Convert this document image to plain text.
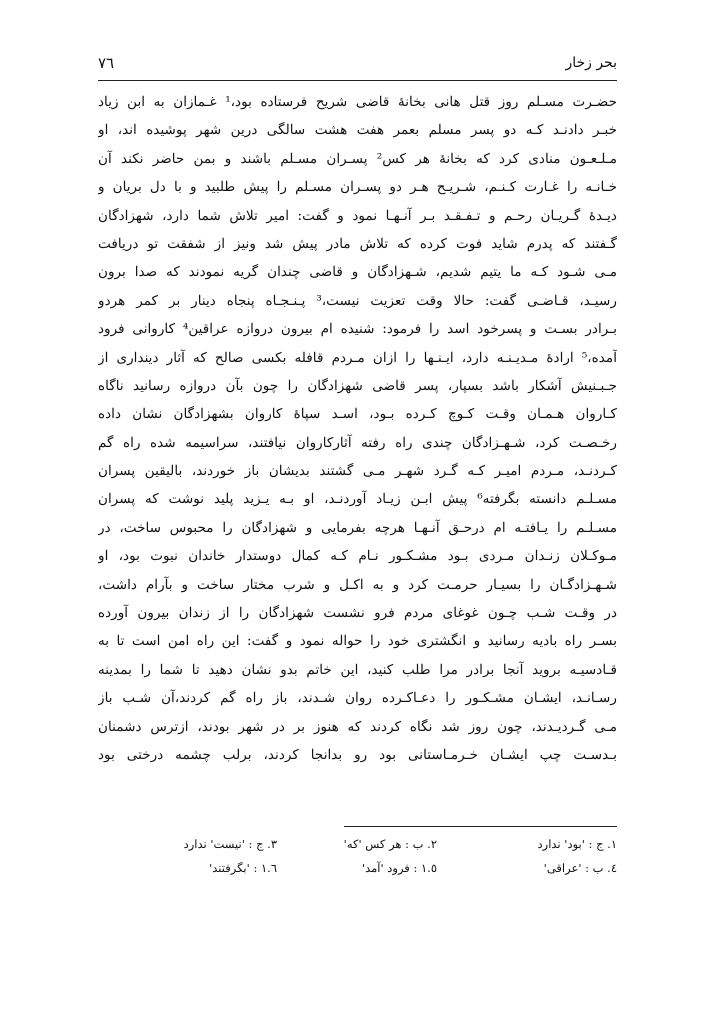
بحر زخار
٧٦
حضـرت مسـلم روز قتل هانی بخانهٔ قاضی شریح فرستاده بود،¹ غـمازان به ابن زیاد
خبـر دادنـد کـه دو پسر مسلم بعمر هفت هشت سالگی درین شهر پوشیده اند، او
مـلـعـون منادی کرد که بخانهٔ هر کس² پسـران مسـلم باشند و بمن حاضر نکند آن
خـانـه را غـارت کـنـم، شـریـح هـر دو پسـران مسـلم را پیش طلبید و با دل بریان و
دیـدهٔ گـریـان رحـم و تـفـقـد بـر آنـهـا نمود و گفت: امیر تلاش شما دارد، شهزادگان
گـفتند که پدرم شاید فوت کرده که تلاش مادر پیش شد ونیز از شفقت تو دریافت
مـی شـود کـه ما یتیم شدیم، شـهزادگان و قاضی چندان گریه نمودند که صدا برون
رسیـد، قـاضـی گفت: حالا وقت تعزیت نیست،³ پـنـجـاه پنجاه دینار بر کمر هردو
بـرادر بسـت و پسرخود اسد را فرمود: شنیده ام بیرون دروازه عراقین⁴ کاروانی فرود
آمده،⁵ ارادهٔ مـدیـنـه دارد، ایـنـها را ازان مـردم قافله بکسی صالح که آثار دینداری از
جـبـنیش آشکار باشد بسپار، پسر قاضی شهزادگان را چون بآن دروازه رسانید ناگاه
کـاروان هـمـان وقـت کـوچ کـرده بـود، اسـد سپاهٔ کاروان بشهزادگان نشان داده
رخـصـت کرد، شـهـزادگان چندی راه رفته آثارکاروان نیافتند، سراسیمه شده راه گم
کـردنـد، مـردم امیـر کـه گـرد شهـر مـی گشتند بدیشان باز خوردند، بالیقین پسران
مسـلـم دانسته بگرفته⁶ پیش ابـن زیـاد آوردنـد، او بـه یـزید پلید نوشت که پسران
مسـلـم را یـافتـه ام درحـق آنـهـا هرچه بفرمایی و شهزادگان را محبوس ساخت، در
مـوکـلان زنـدان مـردی بـود مشـکـور نـام کـه کمال دوستدار خاندان نبوت بود، او
شـهـزادگـان را بسیـار حرمـت کرد و به اکـل و شرب مختار ساخت و بآرام داشت،
در وقـت شـب چـون غوغای مردم فرو نشست شهزادگان را از زندان بیرون آورده
بسـر راه بادیه رسانید و انگشتری خود را حواله نمود و گفت: این راه امن است تا به
قـادسیـه بروید آنجا برادر مرا طلب کنید، این خاتم بدو نشان دهید تا شما را بمدینه
رسـانـد، ایشـان مشـکـور را دعـاکـرده روان شـدند، باز راه گم کردند،آن شـب باز
مـی گـردیـدند، چون روز شد نگاه کردند که هنوز بر در شهر بودند، ازترس دشمنان
بـدسـت چپ ایشـان خـرمـاستانی بود رو بدانجا کردند، برلب چشمه درختی بود
١. ج : 'بود' ندارد
٢. ب : هر کس 'که'
٣. ج : 'نیست' ندارد
٤. ب : 'عراقی'
١.٥ : فرود 'آمد'
١.٦ : 'بگرفتند'
